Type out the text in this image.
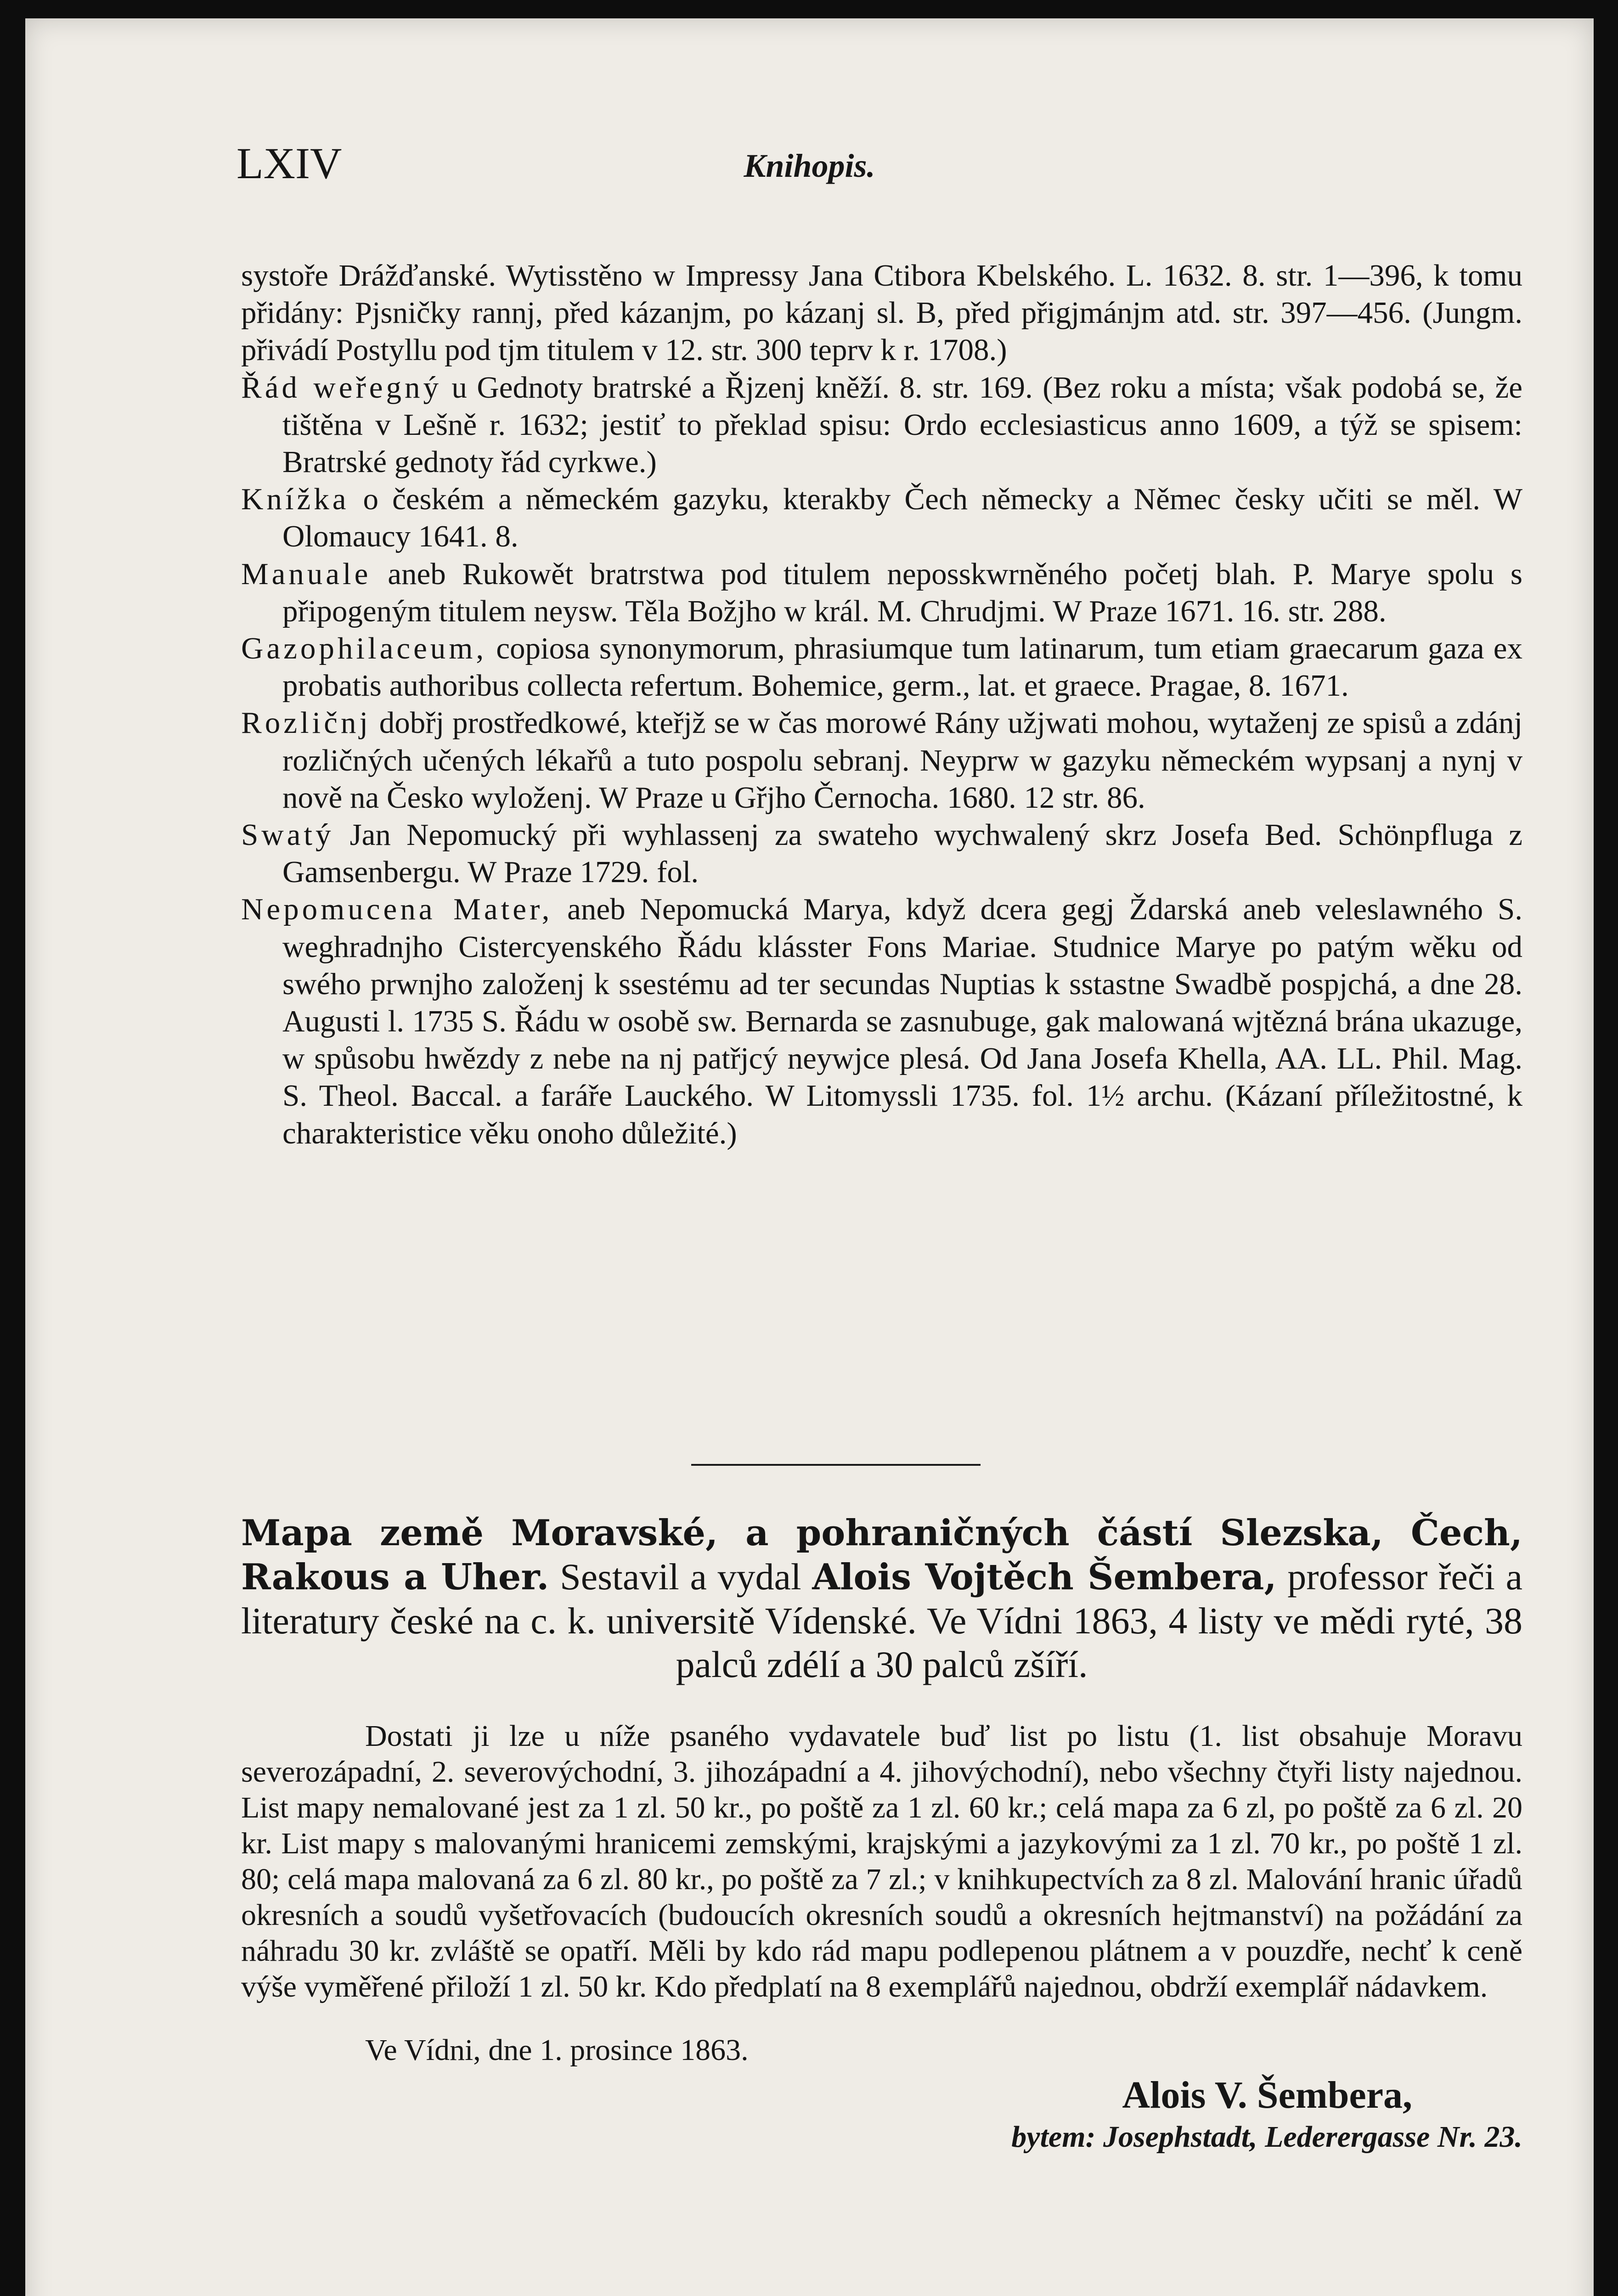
LXIV	Knihopis.

systoře Drážďanské. Wytisstěno w Impressy Jana Ctibora Kbelského. L. 1632. 8. str. 1—396, k tomu přidány: Pjsničky rannj, před kázanjm, po kázanj sl. B, před přigjmánjm atd. str. 397—456. (Jungm. přivádí Postyllu pod tjm titulem v 12. str. 300 teprv k r. 1708.)

Řád weřegný u Gednoty bratrské a Řjzenj kněží. 8. str. 169. (Bez roku a místa; však podobá se, že tištěna v Lešně r. 1632; jestiť to překlad spisu: Ordo ecclesiasticus anno 1609, a týž se spisem: Bratrské gednoty řád cyrkwe.)

Knížka o českém a německém gazyku, kterakby Čech německy a Němec česky učiti se měl. W Olomaucy 1641. 8.

Manuale aneb Rukowět bratrstwa pod titulem neposskwrněného početj blah. P. Marye spolu s připogeným titulem neysw. Těla Božjho w král. M. Chrudjmi. W Praze 1671. 16. str. 288.

Gazophilaceum, copiosa synonymorum, phrasiumque tum latinarum, tum etiam graecarum gaza ex probatis authoribus collecta refertum. Bohemice, germ., lat. et graece. Pragae, 8. 1671.

Rozličnj dobřj prostředkowé, kteřjž se w čas morowé Rány užjwati mohou, wytaženj ze spisů a zdánj rozličných učených lékařů a tuto pospolu sebranj. Neyprw w gazyku německém wypsanj a nynj v nově na Česko wyloženj. W Praze u Gřjho Černocha. 1680. 12 str. 86.

Swatý Jan Nepomucký při wyhlassenj za swateho wychwalený skrz Josefa Bed. Schönpfluga z Gamsenbergu. W Praze 1729. fol.

Nepomucena Mater, aneb Nepomucká Marya, když dcera gegj Ždarská aneb veleslawného S. weghradnjho Cistercyenského Řádu klásster Fons Mariae. Studnice Marye po patým wěku od swého prwnjho založenj k ssestému ad ter secundas Nuptias k sstastne Swadbě pospjchá, a dne 28. Augusti l. 1735 S. Řádu w osobě sw. Bernarda se zasnubuge, gak malowaná wjtězná brána ukazuge, w spůsobu hwězdy z nebe na nj patřjcý neywjce plesá. Od Jana Josefa Khella, AA. LL. Phil. Mag. S. Theol. Baccal. a faráře Lauckého. W Litomyssli 1735. fol. 1½ archu. (Kázaní příležitostné, k charakteristice věku onoho důležité.)

Mapa země Moravské, a pohraničných částí Slezska, Čech, Rakous a Uher. Sestavil a vydal Alois Vojtěch Šembera, professor řeči a literatury české na c. k. universitě Vídenské. Ve Vídni 1863, 4 listy ve mědi ryté, 38 palců zdélí a 30 palců zšíří.

Dostati ji lze u níže psaného vydavatele buď list po listu (1. list obsahuje Moravu severozápadní, 2. severovýchodní, 3. jihozápadní a 4. jihovýchodní), nebo všechny čtyři listy najednou. List mapy nemalované jest za 1 zl. 50 kr., po poště za 1 zl. 60 kr.; celá mapa za 6 zl, po poště za 6 zl. 20 kr. List mapy s malovanými hranicemi zemskými, krajskými a jazykovými za 1 zl. 70 kr., po poště 1 zl. 80; celá mapa malovaná za 6 zl. 80 kr., po poště za 7 zl.; v knihkupectvích za 8 zl. Malování hranic úřadů okresních a soudů vyšetřovacích (budoucích okresních soudů a okresních hejtmanství) na požádání za náhradu 30 kr. zvláště se opatří. Měli by kdo rád mapu podlepenou plátnem a v pouzdře, nechť k ceně výše vyměřené přiloží 1 zl. 50 kr. Kdo předplatí na 8 exemplářů najednou, obdrží exemplář nádavkem.

Ve Vídni, dne 1. prosince 1863.

Alois V. Šembera,
bytem: Josephstadt, Lederergasse Nr. 23.
